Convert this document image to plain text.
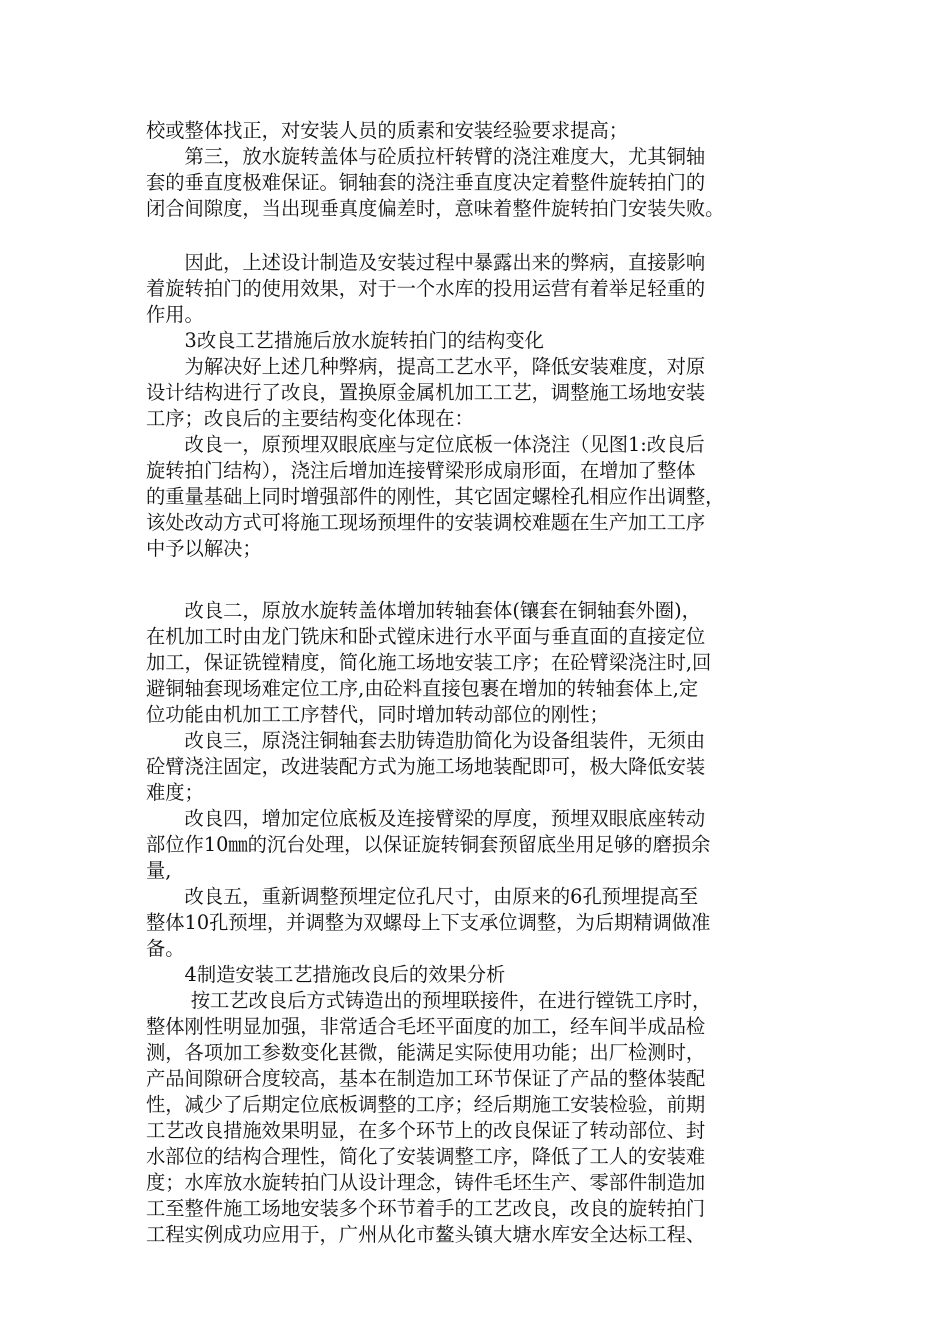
校或整体找正，对安装人员的质素和安装经验要求提高；
　　第三，放水旋转盖体与砼质拉杆转臂的浇注难度大，尤其铜轴
套的垂直度极难保证。铜轴套的浇注垂直度决定着整件旋转拍门的
闭合间隙度，当出现垂真度偏差时，意味着整件旋转拍门安装失败。
　　因此，上述设计制造及安装过程中暴露出来的弊病，直接影响
着旋转拍门的使用效果，对于一个水库的投用运营有着举足轻重的
作用。
　　3改良工艺措施后放水旋转拍门的结构变化
　　为解决好上述几种弊病，提高工艺水平，降低安装难度，对原
设计结构进行了改良，置换原金属机加工工艺，调整施工场地安装
工序；改良后的主要结构变化体现在：
　　改良一，原预埋双眼底座与定位底板一体浇注（见图1:改良后
旋转拍门结构），浇注后增加连接臂梁形成扇形面，在增加了整体
的重量基础上同时增强部件的刚性，其它固定螺栓孔相应作出调整，
该处改动方式可将施工现场预埋件的安装调校难题在生产加工工序
中予以解决；
　　改良二，原放水旋转盖体增加转轴套体(镶套在铜轴套外圈)，
在机加工时由龙门铣床和卧式镗床进行水平面与垂直面的直接定位
加工，保证铣镗精度，简化施工场地安装工序；在砼臂梁浇注时,回
避铜轴套现场难定位工序,由砼料直接包裹在增加的转轴套体上,定
位功能由机加工工序替代，同时增加转动部位的刚性；
　　改良三，原浇注铜轴套去肋铸造肋简化为设备组装件，无须由
砼臂浇注固定，改进装配方式为施工场地装配即可，极大降低安装
难度；
　　改良四，增加定位底板及连接臂梁的厚度，预埋双眼底座转动
部位作10㎜的沉台处理，以保证旋转铜套预留底坐用足够的磨损余
量,
　　改良五，重新调整预埋定位孔尺寸，由原来的6孔预埋提高至
整体10孔预埋，并调整为双螺母上下支承位调整，为后期精调做准
备。
　　4制造安装工艺措施改良后的效果分析
　　 按工艺改良后方式铸造出的预埋联接件，在进行镗铣工序时，
整体刚性明显加强，非常适合毛坯平面度的加工，经车间半成品检
测，各项加工参数变化甚微，能满足实际使用功能；出厂检测时，
产品间隙研合度较高，基本在制造加工环节保证了产品的整体装配
性，减少了后期定位底板调整的工序；经后期施工安装检验，前期
工艺改良措施效果明显，在多个环节上的改良保证了转动部位、封
水部位的结构合理性，简化了安装调整工序，降低了工人的安装难
度；水库放水旋转拍门从设计理念，铸件毛坯生产、零部件制造加
工至整件施工场地安装多个环节着手的工艺改良，改良的旋转拍门
工程实例成功应用于，广州从化市鳌头镇大塘水库安全达标工程、
